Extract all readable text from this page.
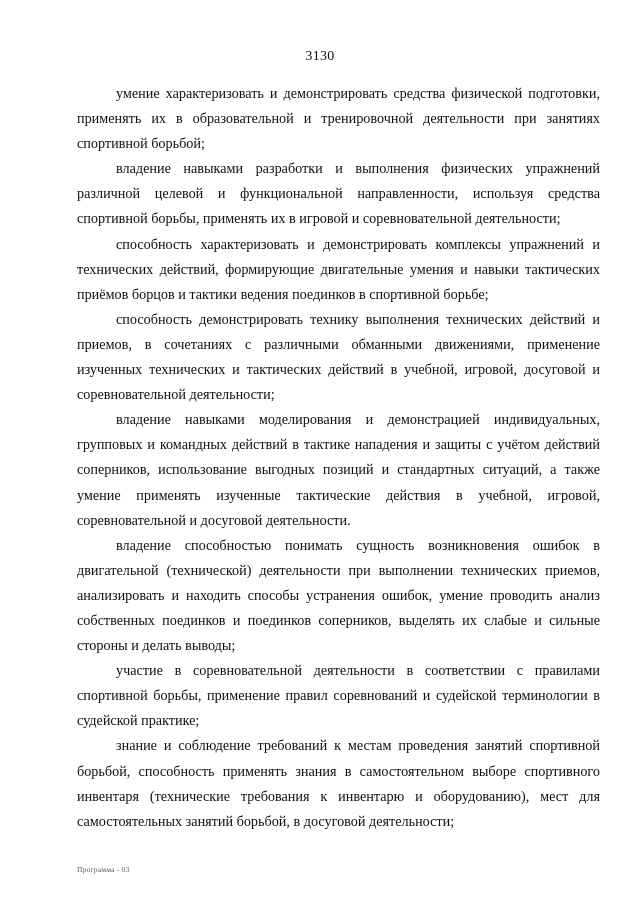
3130

умение характеризовать и демонстрировать средства физической подготовки, применять их в образовательной и тренировочной деятельности при занятиях спортивной борьбой;

владение навыками разработки и выполнения физических упражнений различной целевой и функциональной направленности, используя средства спортивной борьбы, применять их в игровой и соревновательной деятельности;

способность характеризовать и демонстрировать комплексы упражнений и технических действий, формирующие двигательные умения и навыки тактических приёмов борцов и тактики ведения поединков в спортивной борьбе;

способность демонстрировать технику выполнения технических действий и приемов, в сочетаниях с различными обманными движениями, применение изученных технических и тактических действий в учебной, игровой, досуговой и соревновательной деятельности;

владение навыками моделирования и демонстрацией индивидуальных, групповых и командных действий в тактике нападения и защиты с учётом действий соперников, использование выгодных позиций и стандартных ситуаций, а также умение применять изученные тактические действия в учебной, игровой, соревновательной и досуговой деятельности.

владение способностью понимать сущность возникновения ошибок в двигательной (технической) деятельности при выполнении технических приемов, анализировать и находить способы устранения ошибок, умение проводить анализ собственных поединков и поединков соперников, выделять их слабые и сильные стороны и делать выводы;

участие в соревновательной деятельности в соответствии с правилами спортивной борьбы, применение правил соревнований и судейской терминологии в судейской практике;

знание и соблюдение требований к местам проведения занятий спортивной борьбой, способность применять знания в самостоятельном выборе спортивного инвентаря (технические требования к инвентарю и оборудованию), мест для самостоятельных занятий борьбой, в досуговой деятельности;

Программа - 03
